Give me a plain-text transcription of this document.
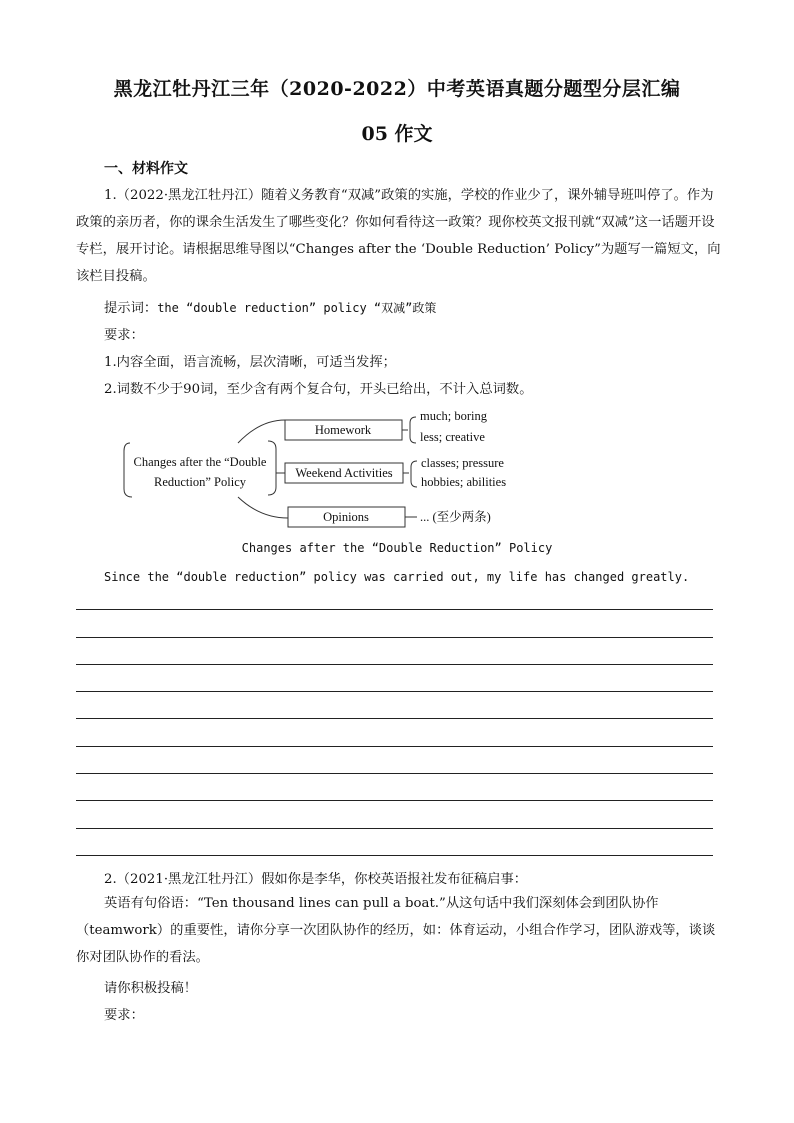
黑龙江牡丹江三年（2020-2022）中考英语真题分题型分层汇编
05 作文
一、材料作文

1.（2022·黑龙江牡丹江）随着义务教育“双减”政策的实施，学校的作业少了，课外辅导班叫停了。作为政策的亲历者，你的课余生活发生了哪些变化？你如何看待这一政策？现你校英文报刊就“双减”这一话题开设专栏，展开讨论。请根据思维导图以“Changes after the ‘Double Reduction’ Policy”为题写一篇短文，向该栏目投稿。

提示词：the “double reduction” policy “双减”政策
要求：
1.内容全面，语言流畅，层次清晰，可适当发挥；
2.词数不少于90词，至少含有两个复合句，开头已给出，不计入总词数。
Changes after the “Double
Reduction” Policy
Homework
Weekend Activities
Opinions
much; boring
less; creative
classes; pressure
hobbies; abilities
... (至少两条)
Changes after the “Double Reduction” Policy
Since the “double reduction” policy was carried out, my life has changed greatly.
2.（2021·黑龙江牡丹江）假如你是李华，你校英语报社发布征稿启事：

英语有句俗语：“Ten thousand lines can pull a boat.”从这句话中我们深刻体会到团队协作（teamwork）的重要性，请你分享一次团队协作的经历，如：体育运动，小组合作学习，团队游戏等，谈谈你对团队协作的看法。

请你积极投稿！
要求：
